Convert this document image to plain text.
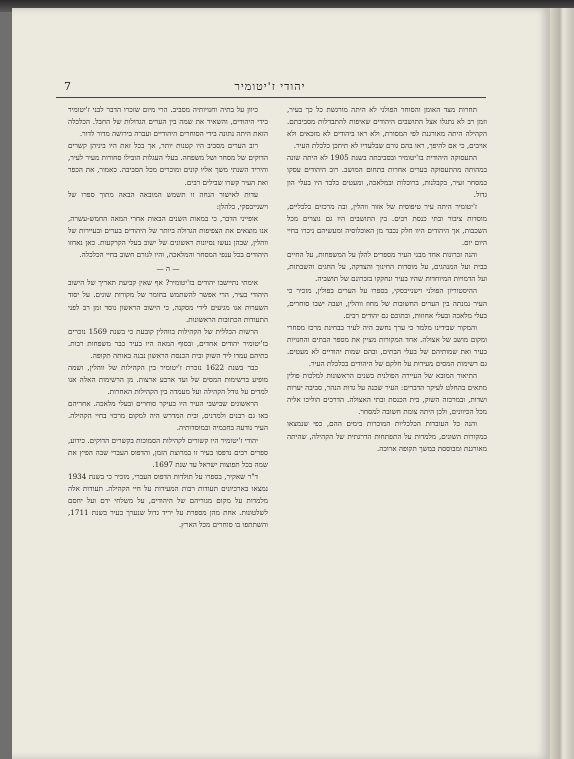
7	יהודי ז'יטומיר

תחרות מצד האומן והסוחר הפולני לא היתה מורגשת כל כך בעיר, וזמן רב לא נתגלו אצל התושבים היהודים שאיפות להתבדלות מסביבתם. הקהילה היתה מאורגנת לפי המסורת, ולא ראו ביהודים לא מזכאים ולא אויבים, כי אם להיפך, ראו בהם גורם שבלעדיו לא תיתכן כלכלת העיר.

התעסוקה היהודית בז'יטומיר ובסביבתה בשנת 1905 לא היתה שונה במהותה מהתעסוקה בערים אחרות בתחום המושב. רוב היהודים עסקו במסחר זעיר, בקבלנות, ברוכלות ובמלאכה, ומעטים בלבד היו בעלי הון גדול.

ז'יטומיר היתה עיר טיפוסית של אזור ווהלין, ובה מרכזים כלכליים, מוסדות ציבור ובתי כנסת רבים. בין התושבים היו גם נוצרים מכל השכבות, אך היהודים היוו חלק נכבד מן האוכלוסיה ומעשיהם ניכרו בחיי היום יום.

והנה זכרונות אחד מבני העיר מספרים להלן על המשפחות, על החיים בבית ועל המנהגים, על מוסדות החינוך והצדקה, על החגים והשבתות, ועל הדמויות המיוחדות שהיו בעיר ונחקקו בזכרונם של תושביה.

ההיסטוריון הפולני וישנייבסקי, בספרו על הערים בפולין, מזכיר כי העיר נמנתה בין הערים החשובות של מחוז ווהלין, ושבה ישבו סוחרים, בעלי מלאכה ובעלי אחוזות, ובתוכם גם יהודים רבים.

והמקור שבידינו מלמד כי ערך נחשב היה לעיר בבחינת מרכז מסחרי ומקום מושב של אצולה. אחד המקורות מציין את מספר הבתים והחנויות בעיר ואת שמותיהם של בעלי הבתים, ובהם שמות יהודיים לא מעטים. גם רשימות המסים מעידות על חלקם של היהודים בכלכלת העיר.

התיאור המובא של העיירה הפולנית בשנים הראשונות למלכות פולין מתאים בהחלט לעיקר הדברים: העיר שכנה על גדות הנהר, סביבה יערות ושדות, ובמרכזה השוק, בית הכנסת ובתי האצולה. הדרכים הוליכו אליה מכל הכיוונים, ולכן היתה צומת חשובה למסחר.

והנה כל העובדות הכלכליות המוכרות בימים ההם, כפי שנמצאו במקורות השונים, מלמדות על התפתחות הדרגתית של הקהילה, שהיתה מאורגנת ומבוססת במשך תקופה ארוכה.

כיוון על בתיה וחנויותיה מסביב. הרי מיום שזכרו הדבר לבני ז'יטומיר בידי היהודים, והשאיר את שמה בין הערים הגדולות של החבל. הכלכלה הזאת היתה נתונה בידי הסוחרים היהודיים ועברה בירושה מדור לדור.

רוב הערים מסביב היו קטנות יותר, אך בכל זאת היו ביניהן קשרים הדוקים של מסחר ושל משפחה. בעלי העגלות הובילו סחורות מעיר לעיר, והיריד השנתי משך אליו קונים ומוכרים מכל הסביבה. כאמור, את הכפר ואת העיר קשרו שבילים רבים.

עדות לאישור הנחה זו תשמש המובאה הבאה מתוך ספרו של וישנייבסקי, כלהלן:

אופייני הדבר, כי במאות השנים הבאות אחרי המאה החמש-עשרה, אנו מוצאים את הצפיפות הגדולה ביותר של היהודים בערים ובעיירות של ווהלין, שבהן נעשו נסיונות ראשונים של ישוב בעלי הקרקעות. כאן נאחזו היהודים בכל ענפי המסחר והמלאכה, והיו לגורם חשוב בחיי הכלכלה.

— ה —

אימתי נתיישבו יהודים בז'יטומיר? אף שאין קביעת תאריך של הישוב היהודי בעיר, הרי אפשר להשתמש בחומר של מקורות שונים. על יסוד השערות אנו מגיעים לידי מסקנה, כי הישוב הראשון נוסד זמן רב לפני התעודות הכתובות הראשונות.

הרשות הכללית של הקהילות בווהלין קובעת כי בשנת 1569 נזכרים בז'יטומיר יהודים אחדים, ובסוף המאה היו בעיר כבר משפחות רבות. בתיהם עמדו ליד השוק ובית הכנסת הראשון נבנה באותה תקופה.

כבר בשנת 1622 נזכרת ז'יטומיר בין הקהילות של ווהלין, ושמה מופיע ברשימות המסים של ועד ארבע ארצות. מן הרשימות האלה אנו למדים על גודל הקהילה ועל מעמדה בין הקהילות האחרות.

הראשונים שבישבי העיר היו בעיקר סוחרים ובעלי מלאכה. אחריהם באו גם רבנים ולמדנים, ובית המדרש היה למקום מרכזי בחיי הקהילה. העיר נודעה בחכמיה ובמוסדותיה.

יהודי ז'יטומיר היו קשורים לקהילות הסמוכות בקשרים הדוקים. כידוע, ספרים רבים נדפסו בעיר זו במרוצת הזמן, והדפוס העברי שבה הפיץ את שמה בכל תפוצות ישראל עד שנת 1697.

ד"ר שאקיר, בספרו על תולדות הדפוס העברי, מזכיר כי בשנת 1934 נמצאו בארכיונים תעודות רבות המעידות על חיי הקהילה. תעודות אלה מלמדות על מקום מגוריהם של היהודים, על משלחי ידם ועל יחסם לשלטונות. אחת מהן מספרת על יריד גדול שנערך בעיר בשנת 1711, והשתתפו בו סוחרים מכל הארץ.
